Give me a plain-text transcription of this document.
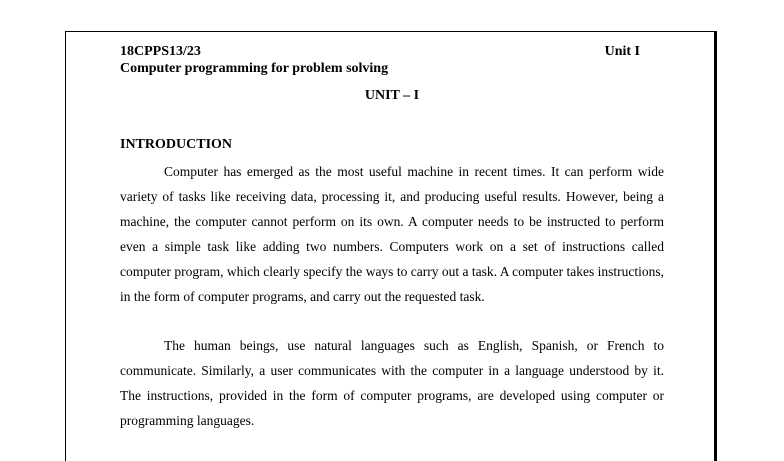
18CPPS13/23	Unit I
Computer programming for problem solving
UNIT – I
INTRODUCTION

Computer has emerged as the most useful machine in recent times. It can perform wide variety of tasks like receiving data, processing it, and producing useful results. However, being a machine, the computer cannot perform on its own. A computer needs to be instructed to perform even a simple task like adding two numbers. Computers work on a set of instructions called computer program, which clearly specify the ways to carry out a task. A computer takes instructions, in the form of computer programs, and carry out the requested task.

The human beings, use natural languages such as English, Spanish, or French to communicate. Similarly, a user communicates with the computer in a language understood by it. The instructions, provided in the form of computer programs, are developed using computer or programming languages.
